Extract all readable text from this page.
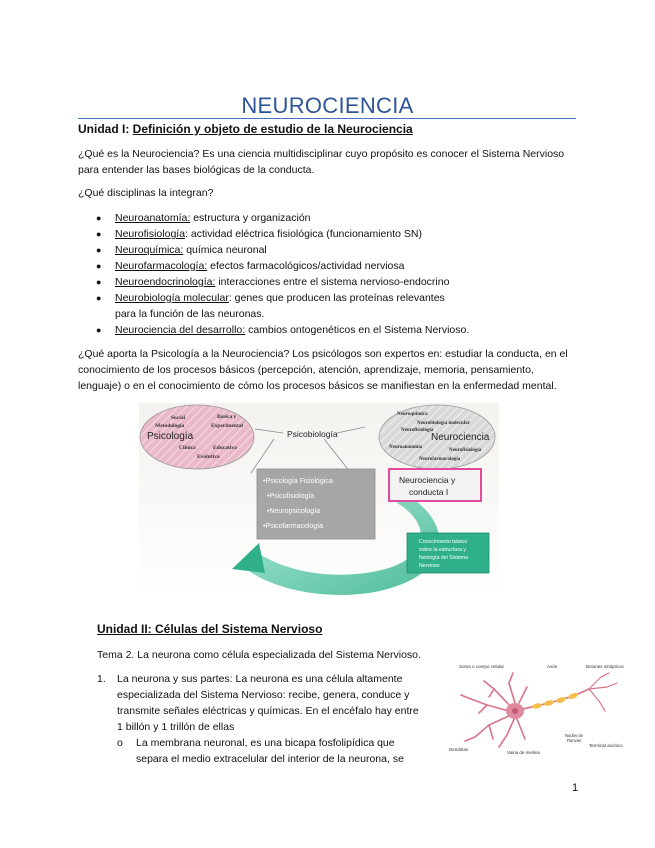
NEUROCIENCIA
Unidad I: Definición y objeto de estudio de la Neurociencia
¿Qué es la Neurociencia? Es una ciencia multidisciplinar cuyo propósito es conocer el Sistema Nervioso
para entender las bases biológicas de la conducta.
¿Qué disciplinas la integran?
● Neuroanatomía: estructura y organización
● Neurofisiología: actividad eléctrica fisiológica (funcionamiento SN)
● Neuroquímica: química neuronal
● Neurofarmacología: efectos farmacológicos/actividad nerviosa
● Neuroendocrinología: interacciones entre el sistema nervioso-endocrino
● Neurobiología molecular: genes que producen las proteínas relevantes
para la función de las neuronas.
● Neurociencia del desarrollo: cambios ontogenéticos en el Sistema Nervioso.
¿Qué aporta la Psicología a la Neurociencia? Los psicólogos son expertos en: estudiar la conducta, en el
conocimiento de los procesos básicos (percepción, atención, aprendizaje, memoria, pensamiento,
lenguaje) o en el conocimiento de cómo los procesos básicos se manifiestan en la enfermedad mental.
Social
Metodología
Básica y
Experimental
Psicología
Clínica	Educativa
Evolutiva
Psicobiología
•Psicología Fisiológica
•Psicofisiología
•Neuropsicología
•Psicofarmacología
Neuroquímica
Neurobiología molecular
Neurofisiología
Neurociencia
Neuroanatomía
Neurofisiología
Neurofarmacología
Neurociencia y
conducta I
Conocimiento básico
sobre la estructura y
fisiología del Sistema
Nervioso
Unidad II: Células del Sistema Nervioso
Tema 2. La neurona como célula especializada del Sistema Nervioso.
1. La neurona y sus partes: La neurona es una célula altamente
especializada del Sistema Nervioso: recibe, genera, conduce y
transmite señales eléctricas y químicas. En el encéfalo hay entre
1 billón y 1 trillón de ellas
o La membrana neuronal, es una bicapa fosfolipídica que
separa el medio extracelular del interior de la neurona, se
Soma o cuerpo celular	Axón	Botones sinápticos
Nodos de
Ranvier
Dendritas
Vaina de mielina
Terminal axónico
1
